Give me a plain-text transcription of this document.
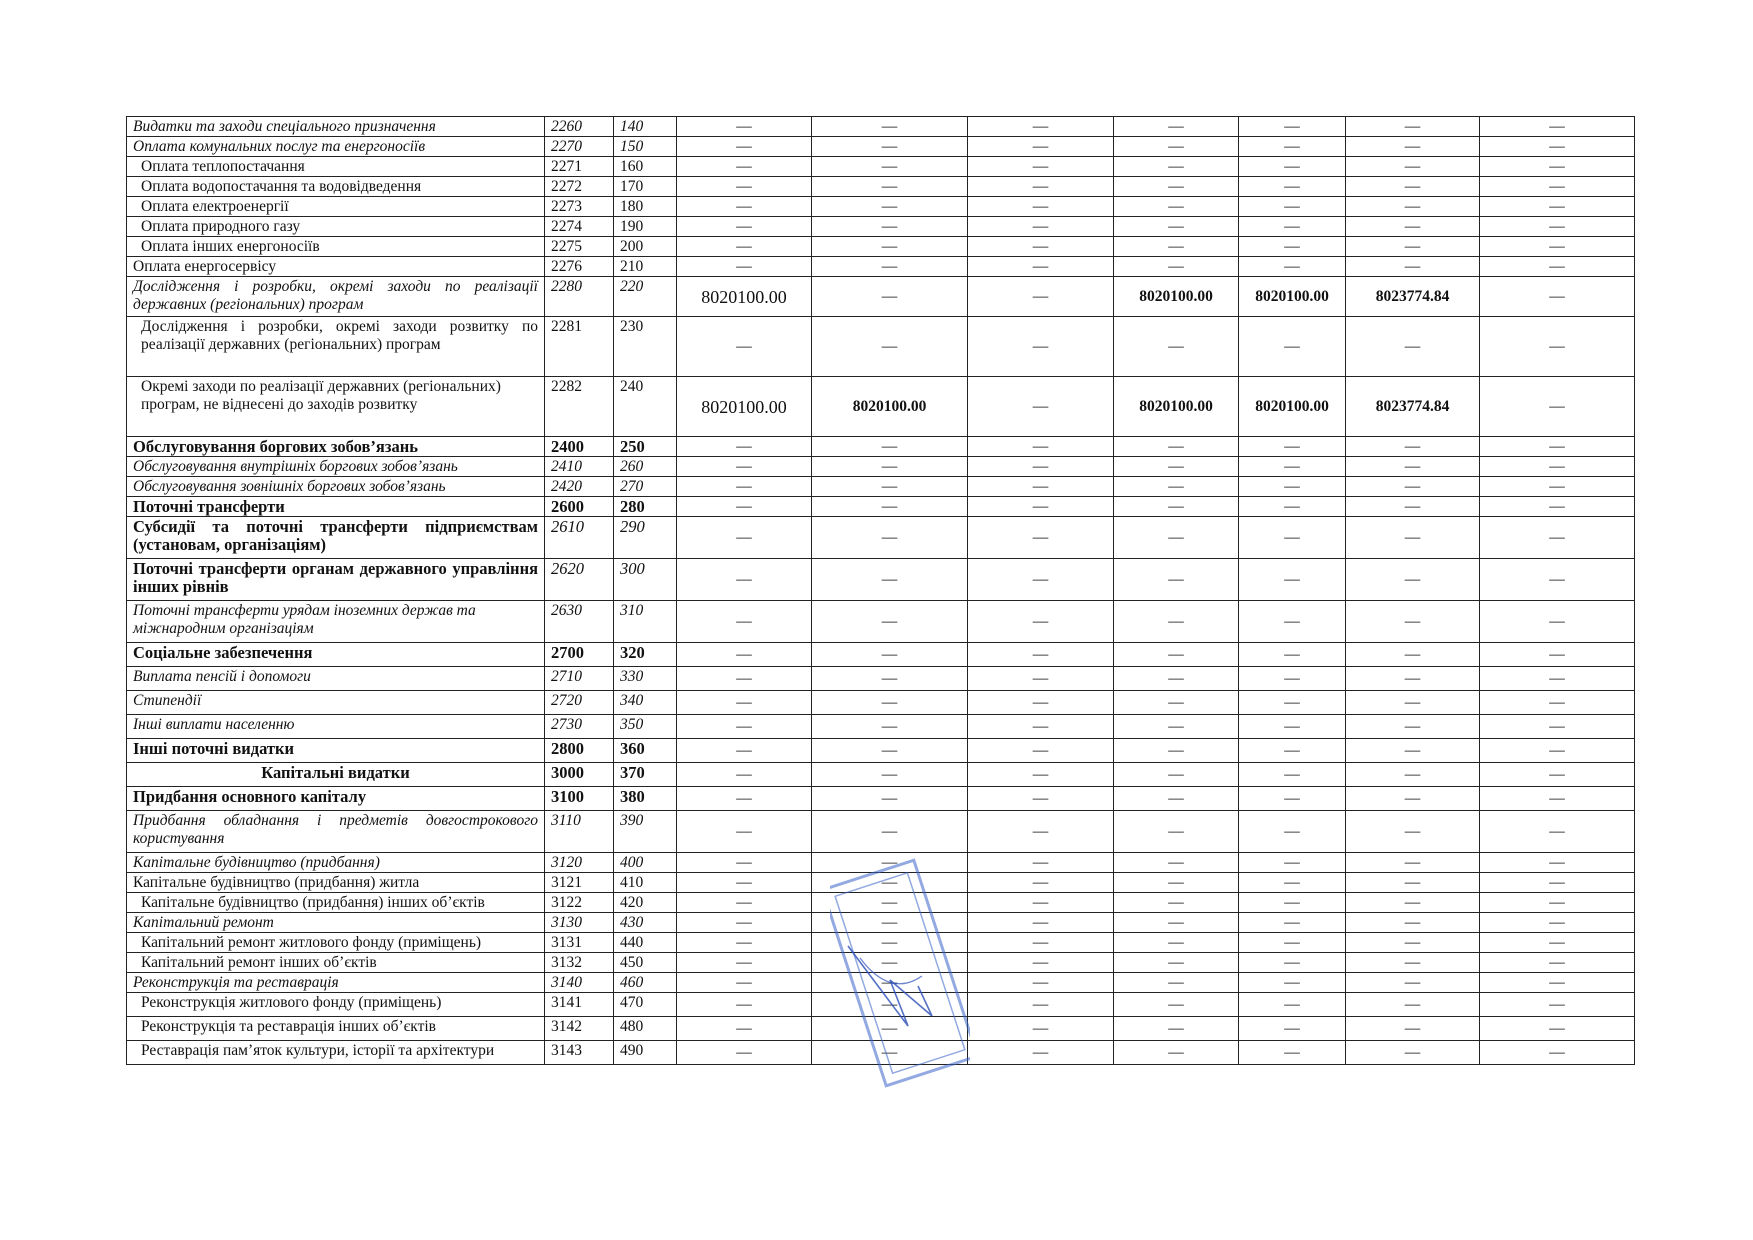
Видатки та заходи спеціального призначення	2260	140	—	—	—	—	—	—	—
Оплата комунальних послуг та енергоносіїв	2270	150	—	—	—	—	—	—	—
Оплата теплопостачання	2271	160	—	—	—	—	—	—	—
Оплата водопостачання та водовідведення	2272	170	—	—	—	—	—	—	—
Оплата електроенергії	2273	180	—	—	—	—	—	—	—
Оплата природного газу	2274	190	—	—	—	—	—	—	—
Оплата інших енергоносіїв	2275	200	—	—	—	—	—	—	—
Оплата енергосервісу	2276	210	—	—	—	—	—	—	—
Дослідження і розробки, окремі заходи по реалізації державних (регіональних) програм	2280	220	8020100.00	—	—	8020100.00	8020100.00	8023774.84	—
Дослідження і розробки, окремі заходи розвитку по реалізації державних (регіональних) програм	2281	230	—	—	—	—	—	—	—
Окремі заходи по реалізації державних (регіональних) програм, не віднесені до заходів розвитку	2282	240	8020100.00	8020100.00	—	8020100.00	8020100.00	8023774.84	—
Обслуговування боргових зобов’язань	2400	250	—	—	—	—	—	—	—
Обслуговування внутрішніх боргових зобов’язань	2410	260	—	—	—	—	—	—	—
Обслуговування зовнішніх боргових зобов’язань	2420	270	—	—	—	—	—	—	—
Поточні трансферти	2600	280	—	—	—	—	—	—	—
Субсидії та поточні трансферти підприємствам (установам, організаціям)	2610	290	—	—	—	—	—	—	—
Поточні трансферти органам державного управління інших рівнів	2620	300	—	—	—	—	—	—	—
Поточні трансферти урядам іноземних держав та міжнародним організаціям	2630	310	—	—	—	—	—	—	—
Соціальне забезпечення	2700	320	—	—	—	—	—	—	—
Виплата пенсій і допомоги	2710	330	—	—	—	—	—	—	—
Стипендії	2720	340	—	—	—	—	—	—	—
Інші виплати населенню	2730	350	—	—	—	—	—	—	—
Інші поточні видатки	2800	360	—	—	—	—	—	—	—
Капітальні видатки	3000	370	—	—	—	—	—	—	—
Придбання основного капіталу	3100	380	—	—	—	—	—	—	—
Придбання обладнання і предметів довгострокового користування	3110	390	—	—	—	—	—	—	—
Капітальне будівництво (придбання)	3120	400	—	—	—	—	—	—	—
Капітальне будівництво (придбання) житла	3121	410	—	—	—	—	—	—	—
Капітальне будівництво (придбання) інших об’єктів	3122	420	—	—	—	—	—	—	—
Капітальний ремонт	3130	430	—	—	—	—	—	—	—
Капітальний ремонт житлового фонду (приміщень)	3131	440	—	—	—	—	—	—	—
Капітальний ремонт інших об’єктів	3132	450	—	—	—	—	—	—	—
Реконструкція та реставрація	3140	460	—	—	—	—	—	—	—
Реконструкція житлового фонду (приміщень)	3141	470	—	—	—	—	—	—	—
Реконструкція та реставрація інших об’єктів	3142	480	—	—	—	—	—	—	—
Реставрація пам’яток культури, історії та архітектури	3143	490	—	—	—	—	—	—	—
